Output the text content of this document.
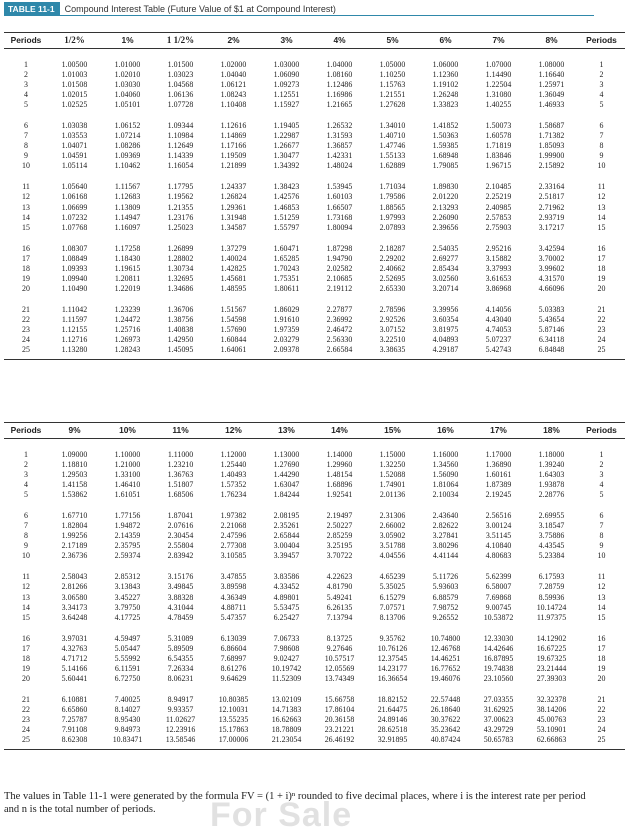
TABLE 11-1	Compound Interest Table (Future Value of $1 at Compound Interest)
Periods	1/2%	1%	1 1/2%	2%	3%	4%	5%	6%	7%	8%	Periods

1	1.00500	1.01000	1.01500	1.02000	1.03000	1.04000	1.05000	1.06000	1.07000	1.08000	1
2	1.01003	1.02010	1.03023	1.04040	1.06090	1.08160	1.10250	1.12360	1.14490	1.16640	2
3	1.01508	1.03030	1.04568	1.06121	1.09273	1.12486	1.15763	1.19102	1.22504	1.25971	3
4	1.02015	1.04060	1.06136	1.08243	1.12551	1.16986	1.21551	1.26248	1.31080	1.36049	4
5	1.02525	1.05101	1.07728	1.10408	1.15927	1.21665	1.27628	1.33823	1.40255	1.46933	5

6	1.03038	1.06152	1.09344	1.12616	1.19405	1.26532	1.34010	1.41852	1.50073	1.58687	6
7	1.03553	1.07214	1.10984	1.14869	1.22987	1.31593	1.40710	1.50363	1.60578	1.71382	7
8	1.04071	1.08286	1.12649	1.17166	1.26677	1.36857	1.47746	1.59385	1.71819	1.85093	8
9	1.04591	1.09369	1.14339	1.19509	1.30477	1.42331	1.55133	1.68948	1.83846	1.99900	9
10	1.05114	1.10462	1.16054	1.21899	1.34392	1.48024	1.62889	1.79085	1.96715	2.15892	10

11	1.05640	1.11567	1.17795	1.24337	1.38423	1.53945	1.71034	1.89830	2.10485	2.33164	11
12	1.06168	1.12683	1.19562	1.26824	1.42576	1.60103	1.79586	2.01220	2.25219	2.51817	12
13	1.06699	1.13809	1.21355	1.29361	1.46853	1.66507	1.88565	2.13293	2.40985	2.71962	13
14	1.07232	1.14947	1.23176	1.31948	1.51259	1.73168	1.97993	2.26090	2.57853	2.93719	14
15	1.07768	1.16097	1.25023	1.34587	1.55797	1.80094	2.07893	2.39656	2.75903	3.17217	15

16	1.08307	1.17258	1.26899	1.37279	1.60471	1.87298	2.18287	2.54035	2.95216	3.42594	16
17	1.08849	1.18430	1.28802	1.40024	1.65285	1.94790	2.29202	2.69277	3.15882	3.70002	17
18	1.09393	1.19615	1.30734	1.42825	1.70243	2.02582	2.40662	2.85434	3.37993	3.99602	18
19	1.09940	1.20811	1.32695	1.45681	1.75351	2.10685	2.52695	3.02560	3.61653	4.31570	19
20	1.10490	1.22019	1.34686	1.48595	1.80611	2.19112	2.65330	3.20714	3.86968	4.66096	20

21	1.11042	1.23239	1.36706	1.51567	1.86029	2.27877	2.78596	3.39956	4.14056	5.03383	21
22	1.11597	1.24472	1.38756	1.54598	1.91610	2.36992	2.92526	3.60354	4.43040	5.43654	22
23	1.12155	1.25716	1.40838	1.57690	1.97359	2.46472	3.07152	3.81975	4.74053	5.87146	23
24	1.12716	1.26973	1.42950	1.60844	2.03279	2.56330	3.22510	4.04893	5.07237	6.34118	24
25	1.13280	1.28243	1.45095	1.64061	2.09378	2.66584	3.38635	4.29187	5.42743	6.84848	25

Periods	9%	10%	11%	12%	13%	14%	15%	16%	17%	18%	Periods

1	1.09000	1.10000	1.11000	1.12000	1.13000	1.14000	1.15000	1.16000	1.17000	1.18000	1
2	1.18810	1.21000	1.23210	1.25440	1.27690	1.29960	1.32250	1.34560	1.36890	1.39240	2
3	1.29503	1.33100	1.36763	1.40493	1.44290	1.48154	1.52088	1.56090	1.60161	1.64303	3
4	1.41158	1.46410	1.51807	1.57352	1.63047	1.68896	1.74901	1.81064	1.87389	1.93878	4
5	1.53862	1.61051	1.68506	1.76234	1.84244	1.92541	2.01136	2.10034	2.19245	2.28776	5

6	1.67710	1.77156	1.87041	1.97382	2.08195	2.19497	2.31306	2.43640	2.56516	2.69955	6
7	1.82804	1.94872	2.07616	2.21068	2.35261	2.50227	2.66002	2.82622	3.00124	3.18547	7
8	1.99256	2.14359	2.30454	2.47596	2.65844	2.85259	3.05902	3.27841	3.51145	3.75886	8
9	2.17189	2.35795	2.55804	2.77308	3.00404	3.25195	3.51788	3.80296	4.10840	4.43545	9
10	2.36736	2.59374	2.83942	3.10585	3.39457	3.70722	4.04556	4.41144	4.80683	5.23384	10

11	2.58043	2.85312	3.15176	3.47855	3.83586	4.22623	4.65239	5.11726	5.62399	6.17593	11
12	2.81266	3.13843	3.49845	3.89598	4.33452	4.81790	5.35025	5.93603	6.58007	7.28759	12
13	3.06580	3.45227	3.88328	4.36349	4.89801	5.49241	6.15279	6.88579	7.69868	8.59936	13
14	3.34173	3.79750	4.31044	4.88711	5.53475	6.26135	7.07571	7.98752	9.00745	10.14724	14
15	3.64248	4.17725	4.78459	5.47357	6.25427	7.13794	8.13706	9.26552	10.53872	11.97375	15

16	3.97031	4.59497	5.31089	6.13039	7.06733	8.13725	9.35762	10.74800	12.33030	14.12902	16
17	4.32763	5.05447	5.89509	6.86604	7.98608	9.27646	10.76126	12.46768	14.42646	16.67225	17
18	4.71712	5.55992	6.54355	7.68997	9.02427	10.57517	12.37545	14.46251	16.87895	19.67325	18
19	5.14166	6.11591	7.26334	8.61276	10.19742	12.05569	14.23177	16.77652	19.74838	23.21444	19
20	5.60441	6.72750	8.06231	9.64629	11.52309	13.74349	16.36654	19.46076	23.10560	27.39303	20

21	6.10881	7.40025	8.94917	10.80385	13.02109	15.66758	18.82152	22.57448	27.03355	32.32378	21
22	6.65860	8.14027	9.93357	12.10031	14.71383	17.86104	21.64475	26.18640	31.62925	38.14206	22
23	7.25787	8.95430	11.02627	13.55235	16.62663	20.36158	24.89146	30.37622	37.00623	45.00763	23
24	7.91108	9.84973	12.23916	15.17863	18.78809	23.21221	28.62518	35.23642	43.29729	53.10901	24
25	8.62308	10.83471	13.58546	17.00006	21.23054	26.46192	32.91895	40.87424	50.65783	62.66863	25

The values in Table 11-1 were generated by the formula FV = (1 + i)ⁿ rounded to five decimal places, where i is the interest rate per period and n is the total number of periods.	For Sale
